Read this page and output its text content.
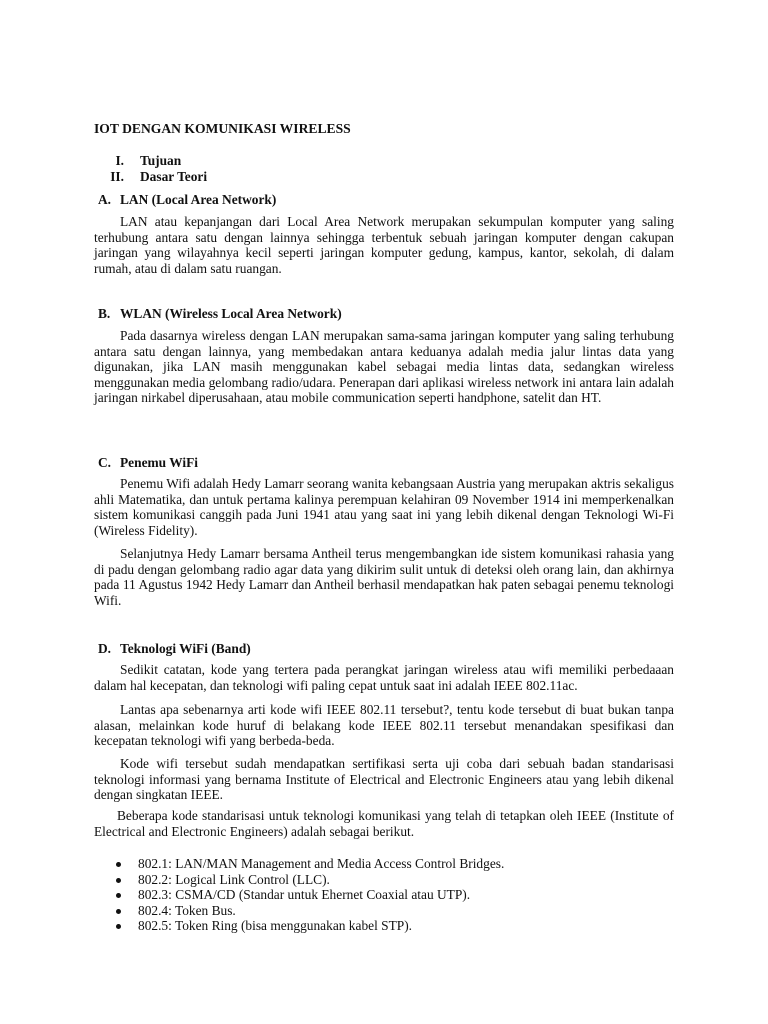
IOT DENGAN KOMUNIKASI WIRELESS
I. Tujuan
II. Dasar Teori
A. LAN (Local Area Network)
LAN atau kepanjangan dari Local Area Network merupakan sekumpulan komputer yang saling terhubung antara satu dengan lainnya sehingga terbentuk sebuah jaringan komputer dengan cakupan jaringan yang wilayahnya kecil seperti jaringan komputer gedung, kampus, kantor, sekolah, di dalam rumah, atau di dalam satu ruangan.
B. WLAN (Wireless Local Area Network)
Pada dasarnya wireless dengan LAN merupakan sama-sama jaringan komputer yang saling terhubung antara satu dengan lainnya, yang membedakan antara keduanya adalah media jalur lintas data yang digunakan, jika LAN masih menggunakan kabel sebagai media lintas data, sedangkan wireless menggunakan media gelombang radio/udara. Penerapan dari aplikasi wireless network ini antara lain adalah jaringan nirkabel diperusahaan, atau mobile communication seperti handphone, satelit dan HT.
C. Penemu WiFi
Penemu Wifi adalah Hedy Lamarr seorang wanita kebangsaan Austria yang merupakan aktris sekaligus ahli Matematika, dan untuk pertama kalinya perempuan kelahiran 09 November 1914 ini memperkenalkan sistem komunikasi canggih pada Juni 1941 atau yang saat ini yang lebih dikenal dengan Teknologi Wi-Fi (Wireless Fidelity).
Selanjutnya Hedy Lamarr bersama Antheil terus mengembangkan ide sistem komunikasi rahasia yang di padu dengan gelombang radio agar data yang dikirim sulit untuk di deteksi oleh orang lain, dan akhirnya pada 11 Agustus 1942 Hedy Lamarr dan Antheil berhasil mendapatkan hak paten sebagai penemu teknologi Wifi.
D. Teknologi WiFi (Band)
Sedikit catatan, kode yang tertera pada perangkat jaringan wireless atau wifi memiliki perbedaaan dalam hal kecepatan, dan teknologi wifi paling cepat untuk saat ini adalah IEEE 802.11ac.
Lantas apa sebenarnya arti kode wifi IEEE 802.11 tersebut?, tentu kode tersebut di buat bukan tanpa alasan, melainkan kode huruf di belakang kode IEEE 802.11 tersebut menandakan spesifikasi dan kecepatan teknologi wifi yang berbeda-beda.
Kode wifi tersebut sudah mendapatkan sertifikasi serta uji coba dari sebuah badan standarisasi teknologi informasi yang bernama Institute of Electrical and Electronic Engineers atau yang lebih dikenal dengan singkatan IEEE.
Beberapa kode standarisasi untuk teknologi komunikasi yang telah di tetapkan oleh IEEE (Institute of Electrical and Electronic Engineers) adalah sebagai berikut.
802.1: LAN/MAN Management and Media Access Control Bridges.
802.2: Logical Link Control (LLC).
802.3: CSMA/CD (Standar untuk Ehernet Coaxial atau UTP).
802.4: Token Bus.
802.5: Token Ring (bisa menggunakan kabel STP).
